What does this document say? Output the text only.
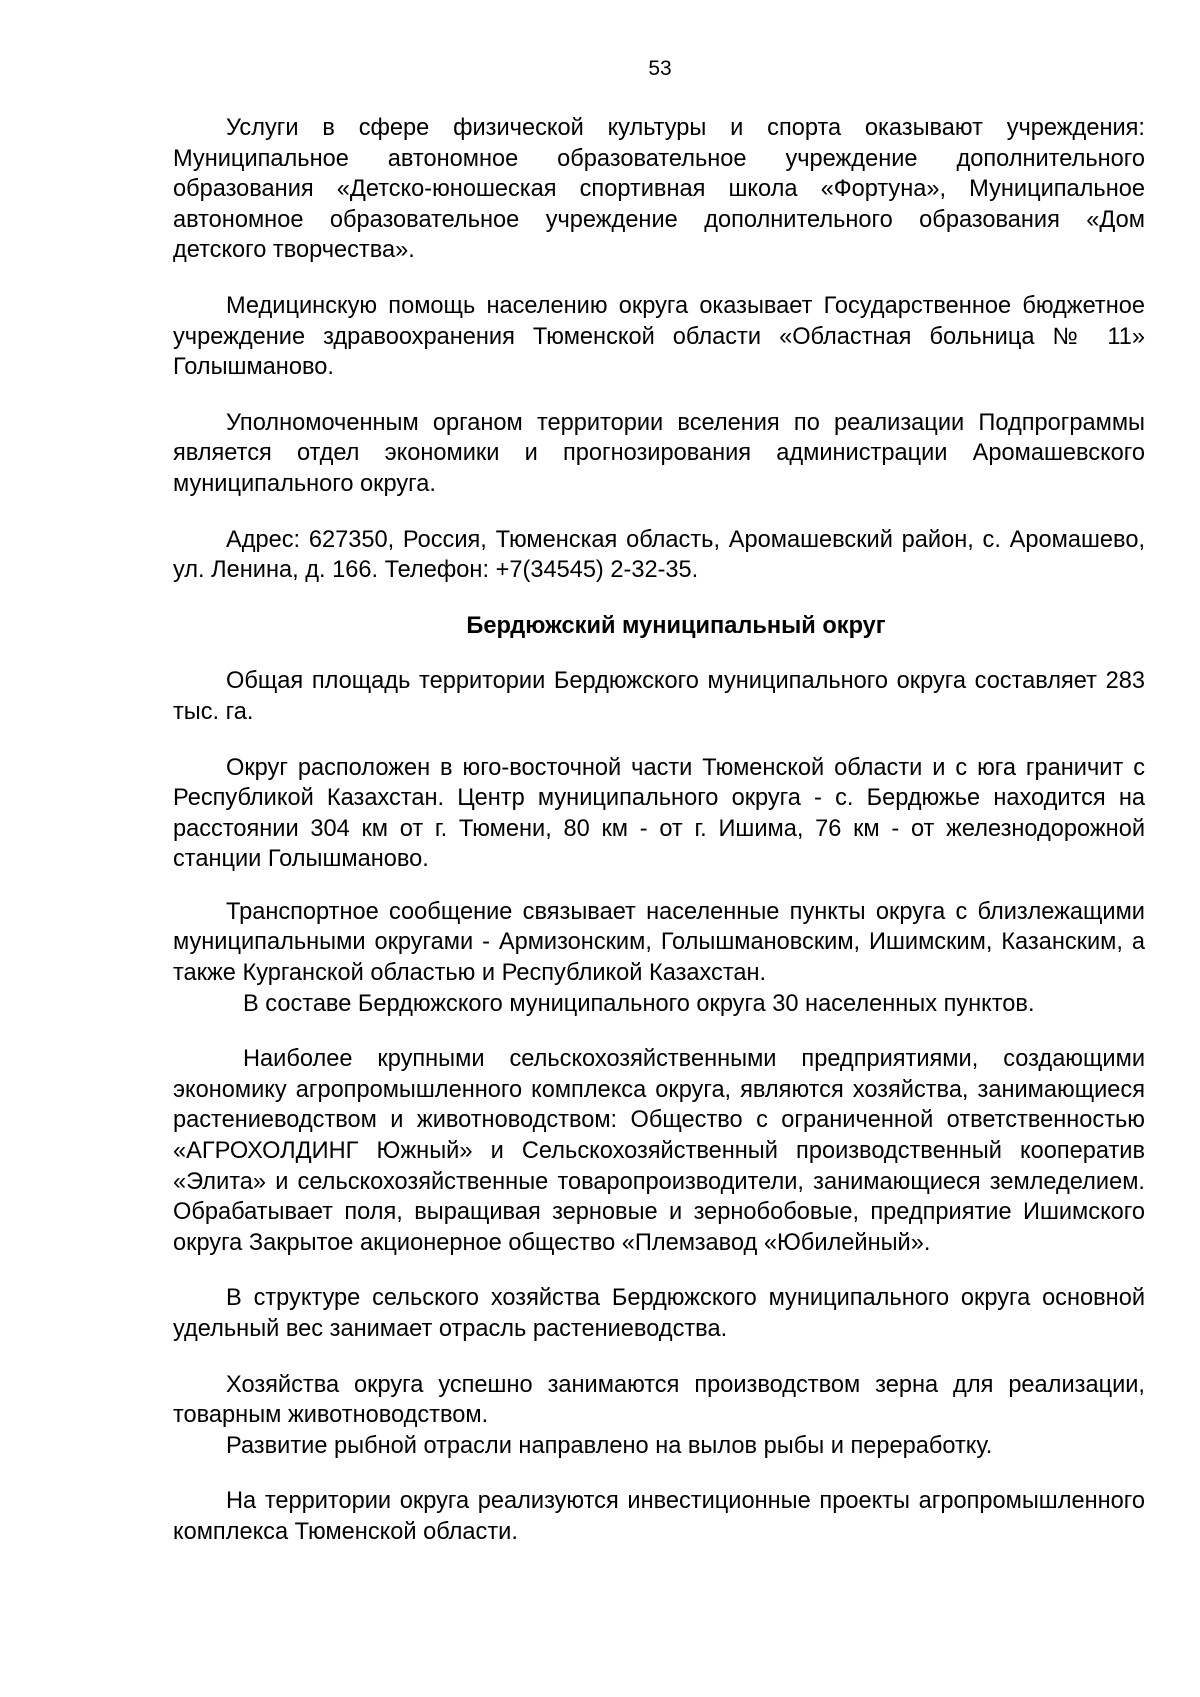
53

Услуги в сфере физической культуры и спорта оказывают учреждения: Муниципальное автономное образовательное учреждение дополнительного образования «Детско-юношеская спортивная школа «Фортуна», Муниципальное автономное образовательное учреждение дополнительного образования «Дом детского творчества».

Медицинскую помощь населению округа оказывает Государственное бюджетное учреждение здравоохранения Тюменской области «Областная больница № 11» Голышманово.

Уполномоченным органом территории вселения по реализации Подпрограммы является отдел экономики и прогнозирования администрации Аромашевского муниципального округа.

Адрес: 627350, Россия, Тюменская область, Аромашевский район, с. Аромашево, ул. Ленина, д. 166. Телефон: +7(34545) 2-32-35.

Бердюжский муниципальный округ

Общая площадь территории Бердюжского муниципального округа составляет 283 тыс. га.

Округ расположен в юго-восточной части Тюменской области и с юга граничит с Республикой Казахстан. Центр муниципального округа - с. Бердюжье находится на расстоянии 304 км от г. Тюмени, 80 км - от г. Ишима, 76 км - от железнодорожной станции Голышманово.

Транспортное сообщение связывает населенные пункты округа с близлежащими муниципальными округами - Армизонским, Голышмановским, Ишимским, Казанским, а также Курганской областью и Республикой Казахстан.

В составе Бердюжского муниципального округа 30 населенных пунктов.

Наиболее крупными сельскохозяйственными предприятиями, создающими экономику агропромышленного комплекса округа, являются хозяйства, занимающиеся растениеводством и животноводством: Общество с ограниченной ответственностью «АГРОХОЛДИНГ Южный» и Сельскохозяйственный производственный кооператив «Элита» и сельскохозяйственные товаропроизводители, занимающиеся земледелием. Обрабатывает поля, выращивая зерновые и зернобобовые, предприятие Ишимского округа Закрытое акционерное общество «Племзавод «Юбилейный».

В структуре сельского хозяйства Бердюжского муниципального округа основной удельный вес занимает отрасль растениеводства.

Хозяйства округа успешно занимаются производством зерна для реализации, товарным животноводством.

Развитие рыбной отрасли направлено на вылов рыбы и переработку.

На территории округа реализуются инвестиционные проекты агропромышленного комплекса Тюменской области.
